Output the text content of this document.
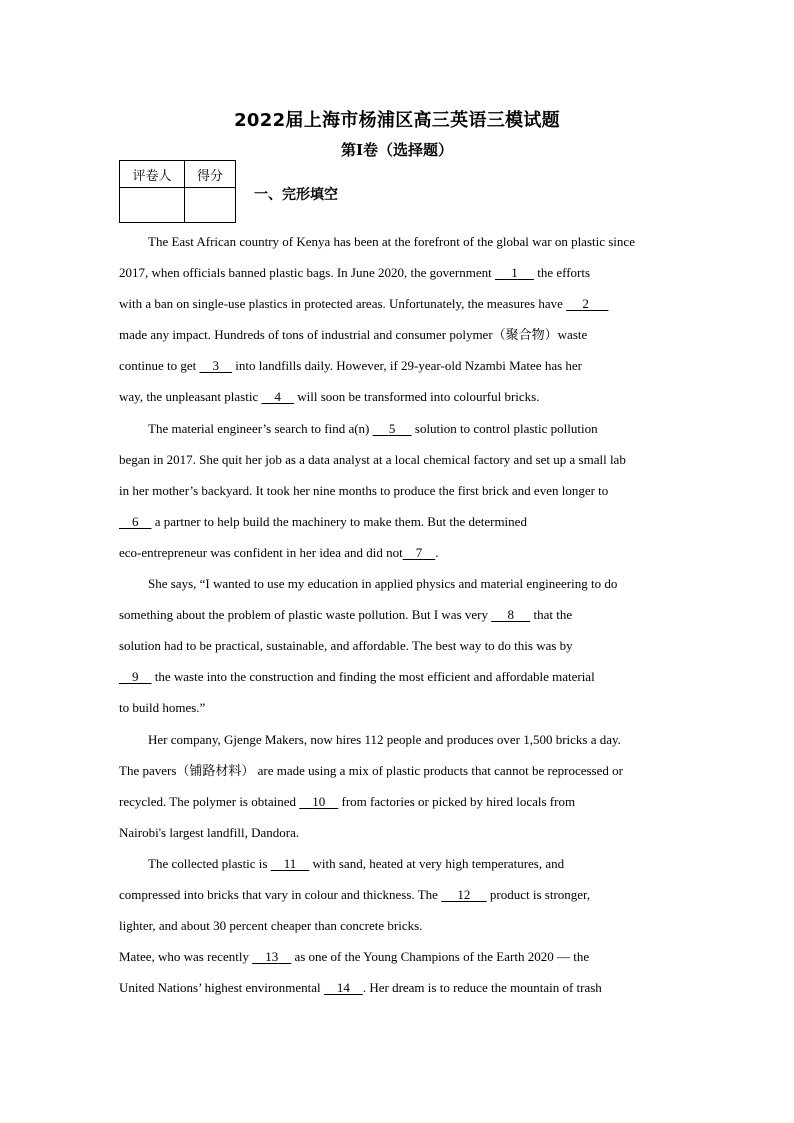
2022届上海市杨浦区高三英语三模试题
第I卷（选择题）
评卷人	得分

一、完形填空
The East African country of Kenya has been at the forefront of the global war on plastic since
2017, when officials banned plastic bags. In June 2020, the government      1      the efforts
with a ban on single-use plastics in protected areas. Unfortunately, the measures have      2
made any impact. Hundreds of tons of industrial and consumer polymer（聚合物）waste
continue to get     3     into landfills daily. However, if 29-year-old Nzambi Matee has her
way, the unpleasant plastic     4     will soon be transformed into colourful bricks.
The material engineer’s search to find a(n)      5      solution to control plastic pollution
began in 2017. She quit her job as a data analyst at a local chemical factory and set up a small lab
in her mother’s backyard. It took her nine months to produce the first brick and even longer to
6     a partner to help build the machinery to make them. But the determined
eco-entrepreneur was confident in her idea and did not 7 .
She says, “I wanted to use my education in applied physics and material engineering to do
something about the problem of plastic waste pollution. But I was very      8      that the
solution had to be practical, sustainable, and affordable. The best way to do this was by
9     the waste into the construction and finding the most efficient and affordable material
to build homes.”
Her company, Gjenge Makers, now hires 112 people and produces over 1,500 bricks a day.
The pavers（铺路材料） are made using a mix of plastic products that cannot be reprocessed or
recycled. The polymer is obtained     10     from factories or picked by hired locals from
Nairobi's largest landfill, Dandora.
The collected plastic is     11     with sand, heated at very high temperatures, and
compressed into bricks that vary in colour and thickness. The      12      product is stronger,
lighter, and about 30 percent cheaper than concrete bricks.
Matee, who was recently     13     as one of the Young Champions of the Earth 2020 — the
United Nations’ highest environmental     14 . Her dream is to reduce the mountain of trash
